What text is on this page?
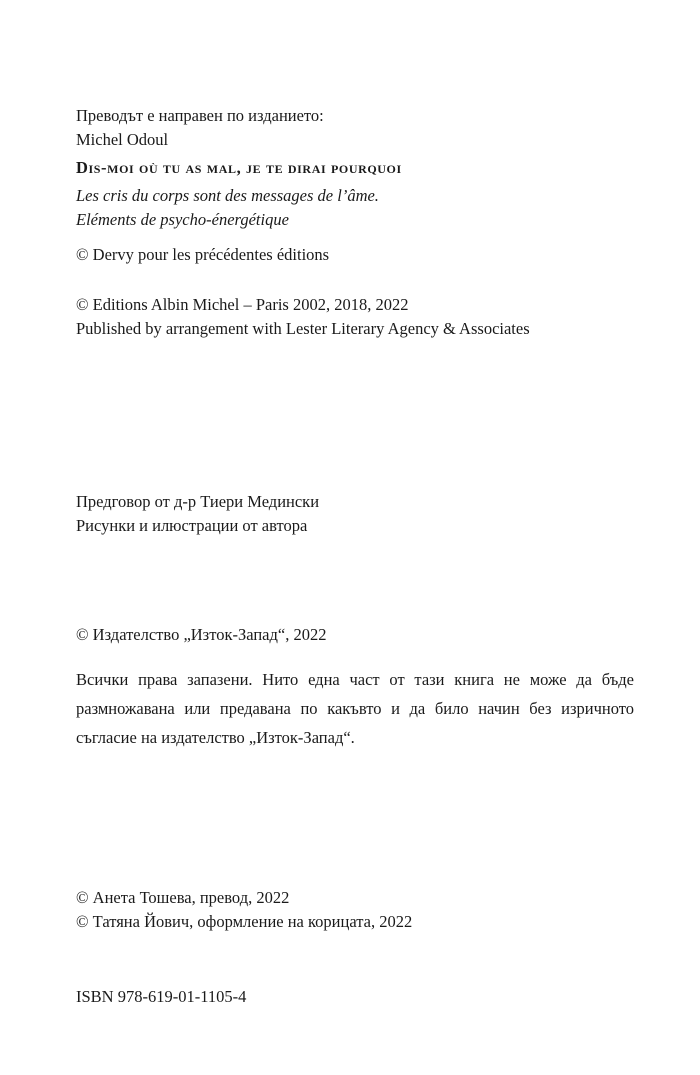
Преводът е направен по изданието:
Michel Odoul
Dis-moi où tu as mal, je te dirai pourquoi
Les cris du corps sont des messages de l’âme.
Eléments de psycho-énergétique
© Dervy pour les précédentes éditions
© Editions Albin Michel – Paris 2002, 2018, 2022
Published by arrangement with Lester Literary Agency & Associates
Предговор от д-р Тиери Медински
Рисунки и илюстрации от автора
© Издателство „Изток-Запад“, 2022
Всички права запазени. Нито една част от тази книга не може да бъде размножавана или предавана по какъвто и да било начин без изричното съгласие на издателство „Изток-Запад“.
© Анета Тошева, превод, 2022
© Татяна Йович, оформление на корицата, 2022
ISBN 978-619-01-1105-4
